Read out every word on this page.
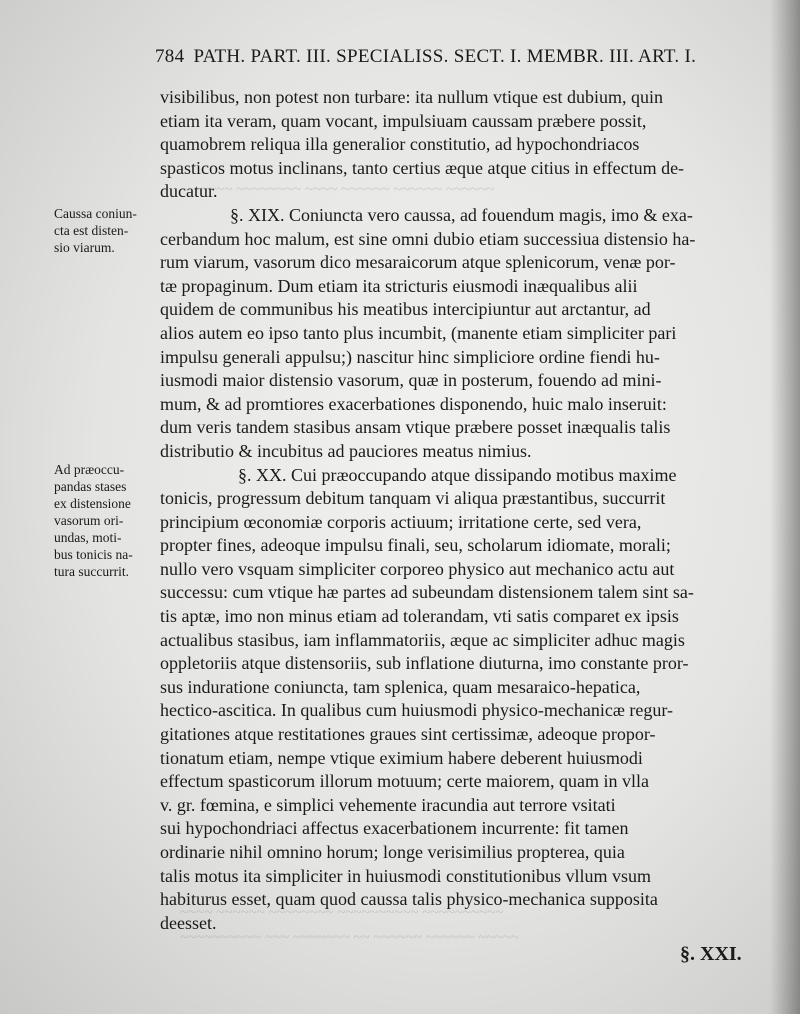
~~~~ ~~~~~~~~ ~~~~ ~~~~~~ ~~~~~~ ~~~~~~
~~~~ ~~~~~~ ~~~~~~~~ ~~~~~~~~~~ ~~~~~~~~~~
~~~~~~~~~~ ~~~ ~~~~~~~ ~~ ~~~~~~ ~~~~~~ ~~~~~
784 PATH. PART. III. SPECIALISS. SECT. I. MEMBR. III. ART. I.
Caussa coniun-
cta est disten-
sio viarum.
Ad præoccu-
pandas stases
ex distensione
vasorum ori-
undas, moti-
bus tonicis na-
tura succurrit.
visibilibus, non potest non turbare: ita nullum vtique est dubium, quin
etiam ita veram, quam vocant, impulsiuam caussam præbere possit,
quamobrem reliqua illa generalior constitutio, ad hypochondriacos
spasticos motus inclinans, tanto certius æque atque citius in effectum de-
ducatur.
§. XIX. Coniuncta vero caussa, ad fouendum magis, imo & exa-
cerbandum hoc malum, est sine omni dubio etiam successiua distensio ha-
rum viarum, vasorum dico mesaraicorum atque splenicorum, venæ por-
tæ propaginum. Dum etiam ita stricturis eiusmodi inæqualibus alii
quidem de communibus his meatibus intercipiuntur aut arctantur, ad
alios autem eo ipso tanto plus incumbit, (manente etiam simpliciter pari
impulsu generali appulsu;) nascitur hinc simpliciore ordine fiendi hu-
iusmodi maior distensio vasorum, quæ in posterum, fouendo ad mini-
mum, & ad promtiores exacerbationes disponendo, huic malo inseruit:
dum veris tandem stasibus ansam vtique præbere posset inæqualis talis
distributio & incubitus ad pauciores meatus nimius.
§. XX. Cui præoccupando atque dissipando motibus maxime
tonicis, progressum debitum tanquam vi aliqua præstantibus, succurrit
principium œconomiæ corporis actiuum; irritatione certe, sed vera,
propter fines, adeoque impulsu finali, seu, scholarum idiomate, morali;
nullo vero vsquam simpliciter corporeo physico aut mechanico actu aut
successu: cum vtique hæ partes ad subeundam distensionem talem sint sa-
tis aptæ, imo non minus etiam ad tolerandam, vti satis comparet ex ipsis
actualibus stasibus, iam inflammatoriis, æque ac simpliciter adhuc magis
oppletoriis atque distensoriis, sub inflatione diuturna, imo constante pror-
sus induratione coniuncta, tam splenica, quam mesaraico-hepatica,
hectico-ascitica. In qualibus cum huiusmodi physico-mechanicæ regur-
gitationes atque restitationes graues sint certissimæ, adeoque propor-
tionatum etiam, nempe vtique eximium habere deberent huiusmodi
effectum spasticorum illorum motuum; certe maiorem, quam in vlla
v. gr. fœmina, e simplici vehemente iracundia aut terrore vsitati
sui hypochondriaci affectus exacerbationem incurrente: fit tamen
ordinarie nihil omnino horum; longe verisimilius propterea, quia
talis motus ita simpliciter in huiusmodi constitutionibus vllum vsum
habiturus esset, quam quod caussa talis physico-mechanica supposita
deesset.
§. XXI.
